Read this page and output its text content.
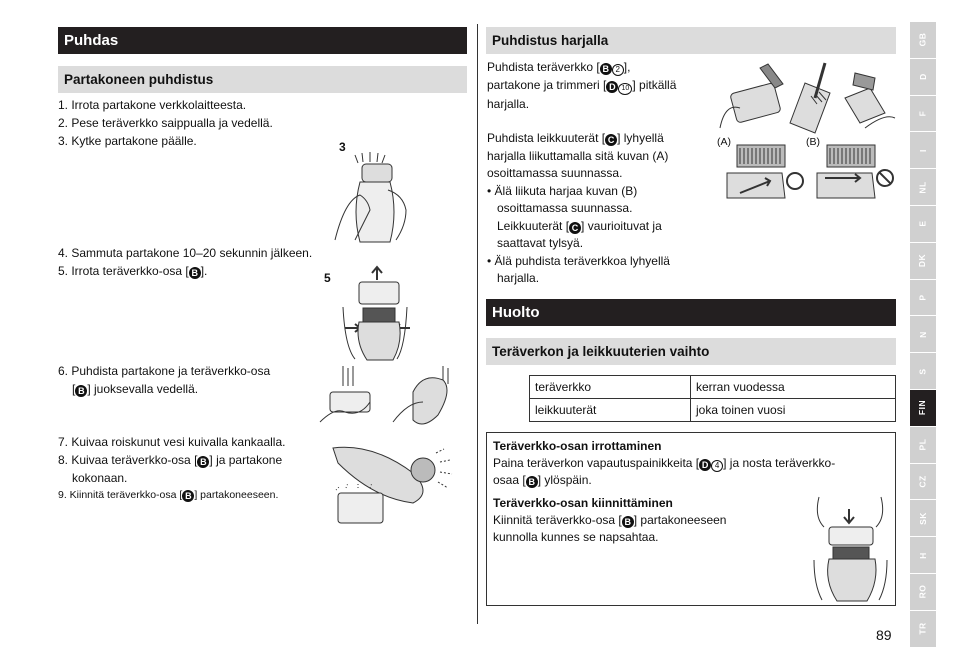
Puhdas
Partakoneen puhdistus
1. Irrota partakone verkkolaitteesta.
2. Pese teräverkko saippualla ja vedellä.
3. Kytke partakone päälle.
4. Sammuta partakone 10–20 sekunnin jälkeen.
5. Irrota teräverkko-osa [ B ].
6. Puhdista partakone ja teräverkko-osa
[ B ] juoksevalla vedellä.
7. Kuivaa roiskunut vesi kuivalla kankaalla.
8. Kuivaa teräverkko-osa [ B ] ja partakone
kokonaan.
9. Kiinnitä teräverkko-osa [ B ] partakoneeseen.
3
5
Puhdistus harjalla
Puhdista teräverkko [ B 2 ],
partakone ja trimmeri [ D 10 ] pitkällä
harjalla.
Puhdista leikkuuterät [ C ] lyhyellä
harjalla liikuttamalla sitä kuvan (A)
osoittamassa suunnassa.
• Älä liikuta harjaa kuvan (B)
osoittamassa suunnassa.
Leikkuuterät [ C ] vaurioituvat ja
saattavat tylsyä.
• Älä puhdista teräverkkoa lyhyellä
harjalla.
(A)	(B)
Huolto
Teräverkon ja leikkuuterien vaihto
teräverkko	kerran vuodessa
leikkuuterät	joka toinen vuosi

Teräverkko-osan irrottaminen

Paina teräverkon vapautuspainikkeita [ D 4 ] ja nosta teräverkko-

osaa [ B ] ylöspäin.

Teräverkko-osan kiinnittäminen

Kiinnitä teräverkko-osa [ B ] partakoneeseen

kunnolla kunnes se napsahtaa.

GB
D
F
I
NL
E
DK
P
N
S
FIN
PL
CZ
SK
H
RO
TR
89
